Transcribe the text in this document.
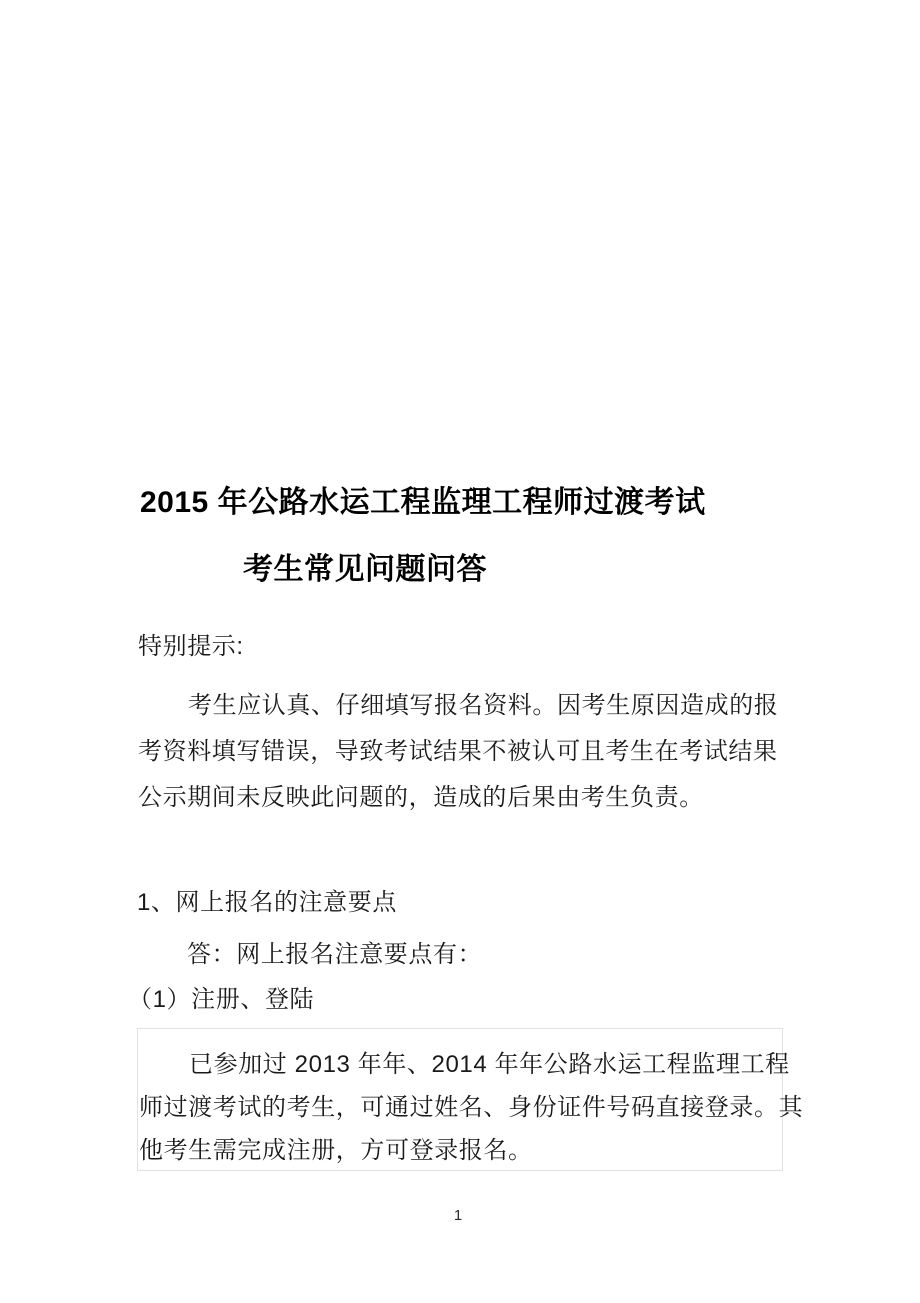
2015 年公路水运工程监理工程师过渡考试
考生常见问题问答
特别提示:
考生应认真、仔细填写报名资料。因考生原因造成的报
考资料填写错误，导致考试结果不被认可且考生在考试结果
公示期间未反映此问题的，造成的后果由考生负责。
1、网上报名的注意要点
答：网上报名注意要点有：
（1）注册、登陆
已参加过 2013 年年、2014 年年公路水运工程监理工程
师过渡考试的考生，可通过姓名、身份证件号码直接登录。其
他考生需完成注册，方可登录报名。
1
